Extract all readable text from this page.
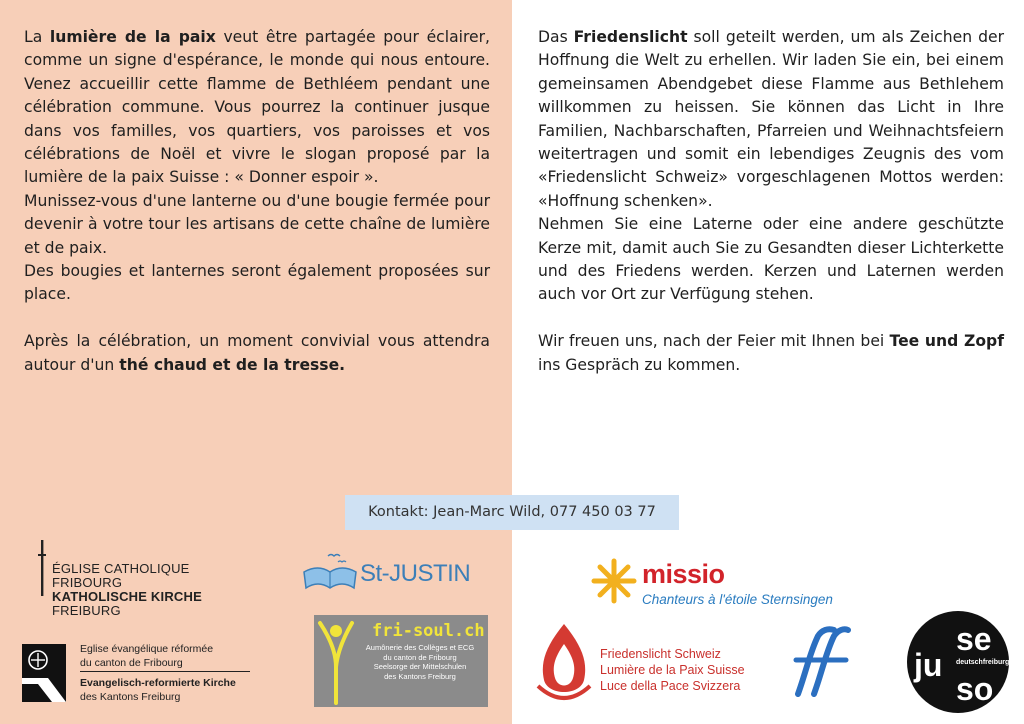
La lumière de la paix veut être partagée pour éclairer, comme un signe d'espérance, le monde qui nous entoure. Venez accueillir cette flamme de Bethléem pendant une célébration commune. Vous pourrez la continuer jusque dans vos familles, vos quartiers, vos paroisses et vos célébrations de Noël et vivre le slogan proposé par la lumière de la paix Suisse : « Donner espoir ».

Munissez-vous d'une lanterne ou d'une bougie fermée pour devenir à votre tour les artisans de cette chaîne de lumière et de paix.

Des bougies et lanternes seront également proposées sur place.

Après la célébration, un moment convivial vous attendra autour d'un thé chaud et de la tresse.

Das Friedenslicht soll geteilt werden, um als Zeichen der Hoffnung die Welt zu erhellen. Wir laden Sie ein, bei einem gemeinsamen Abendgebet diese Flamme aus Bethlehem willkommen zu heissen. Sie können das Licht in Ihre Familien, Nachbarschaften, Pfarreien und Weihnachtsfeiern weitertragen und somit ein lebendiges Zeugnis des vom «Friedenslicht Schweiz» vorgeschlagenen Mottos werden: «Hoffnung schenken».

Nehmen Sie eine Laterne oder eine andere geschützte Kerze mit, damit auch Sie zu Gesandten dieser Lichterkette und des Friedens werden. Kerzen und Laternen werden auch vor Ort zur Verfügung stehen.

Wir freuen uns, nach der Feier mit Ihnen bei Tee und Zopf ins Gespräch zu kommen.

Kontakt: Jean-Marc Wild, 077 450 03 77
ÉGLISE CATHOLIQUE FRIBOURG
KATHOLISCHE KIRCHE FREIBURG
St-JUSTIN	missio
Chanteurs à l'étoile Sternsingen
Eglise évangélique réformée
du canton de Fribourg
Evangelisch-reformierte Kirche
des Kantons Freiburg
fri-soul.ch
Aumônerie des Collèges et ECG
du canton de Fribourg
Seelsorge der Mittelschulen
des Kantons Freiburg
Friedenslicht Schweiz
Lumière de la Paix Suisse
Luce della Pace Svizzera
ju
se
deutschfreiburg
so
